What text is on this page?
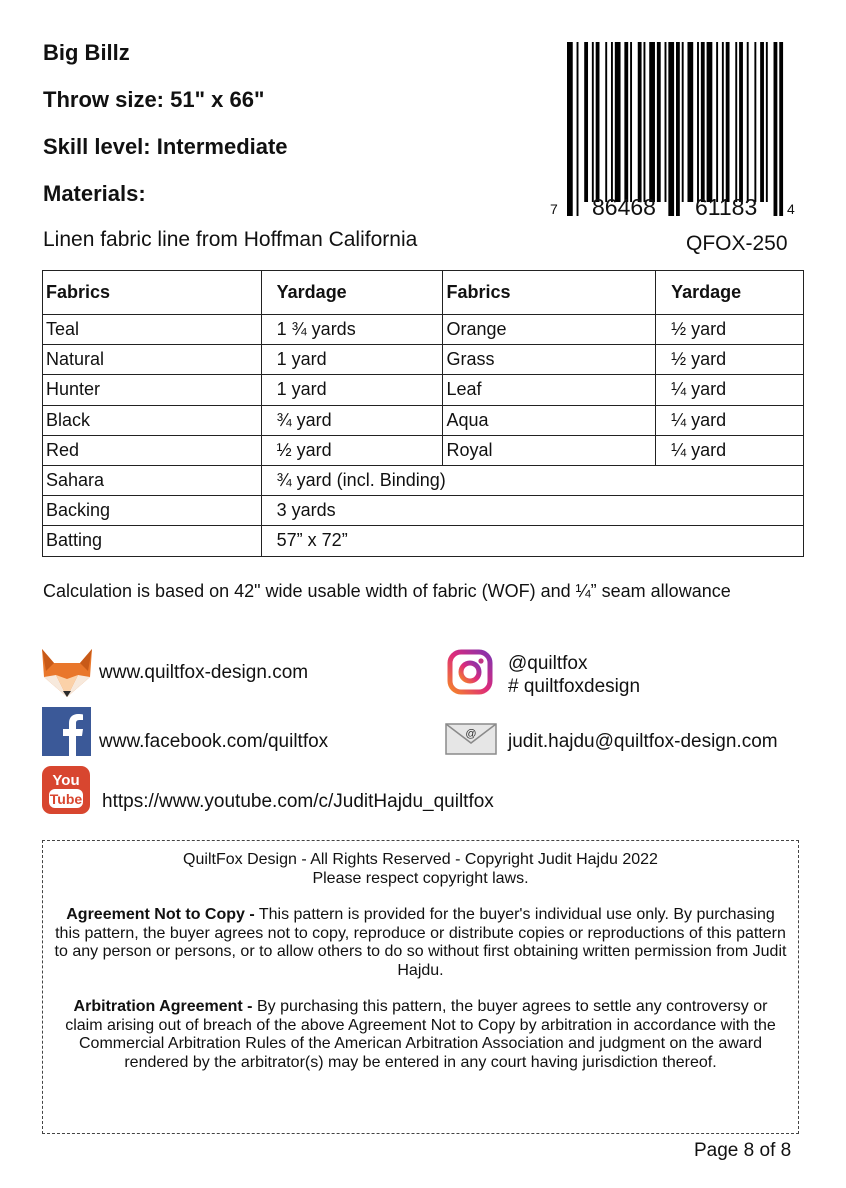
Big Billz
Throw size: 51" x 66"
Skill level: Intermediate
Materials:
Linen fabric line from Hoffman California	QFOX-250
7 86468 61183 4
Fabrics	Yardage	Fabrics	Yardage
Teal	1 ¾ yards	Orange	½ yard
Natural	1 yard	Grass	½ yard
Hunter	1 yard	Leaf	¼ yard
Black	¾ yard	Aqua	¼ yard
Red	½ yard	Royal	¼ yard
Sahara	¾ yard (incl. Binding)		
Backing	3 yards		
Batting	57” x 72”		
Calculation is based on 42" wide usable width of fabric (WOF) and ¼” seam allowance
www.quiltfox-design.com	@quiltfox
# quiltfoxdesign
www.facebook.com/quiltfox	@ judit.hajdu@quiltfox-design.com
You
Tube https://www.youtube.com/c/JuditHajdu_quiltfox

QuiltFox Design - All Rights Reserved - Copyright Judit Hajdu 2022
Please respect copyright laws.

Agreement Not to Copy - This pattern is provided for the buyer's individual use only. By purchasing this pattern, the buyer agrees not to copy, reproduce or distribute copies or reproductions of this pattern to any person or persons, or to allow others to do so without first obtaining written permission from Judit Hajdu.

Arbitration Agreement - By purchasing this pattern, the buyer agrees to settle any controversy or claim arising out of breach of the above Agreement Not to Copy by arbitration in accordance with the Commercial Arbitration Rules of the American Arbitration Association and judgment on the award rendered by the arbitrator(s) may be entered in any court having jurisdiction thereof.

Page 8 of 8
